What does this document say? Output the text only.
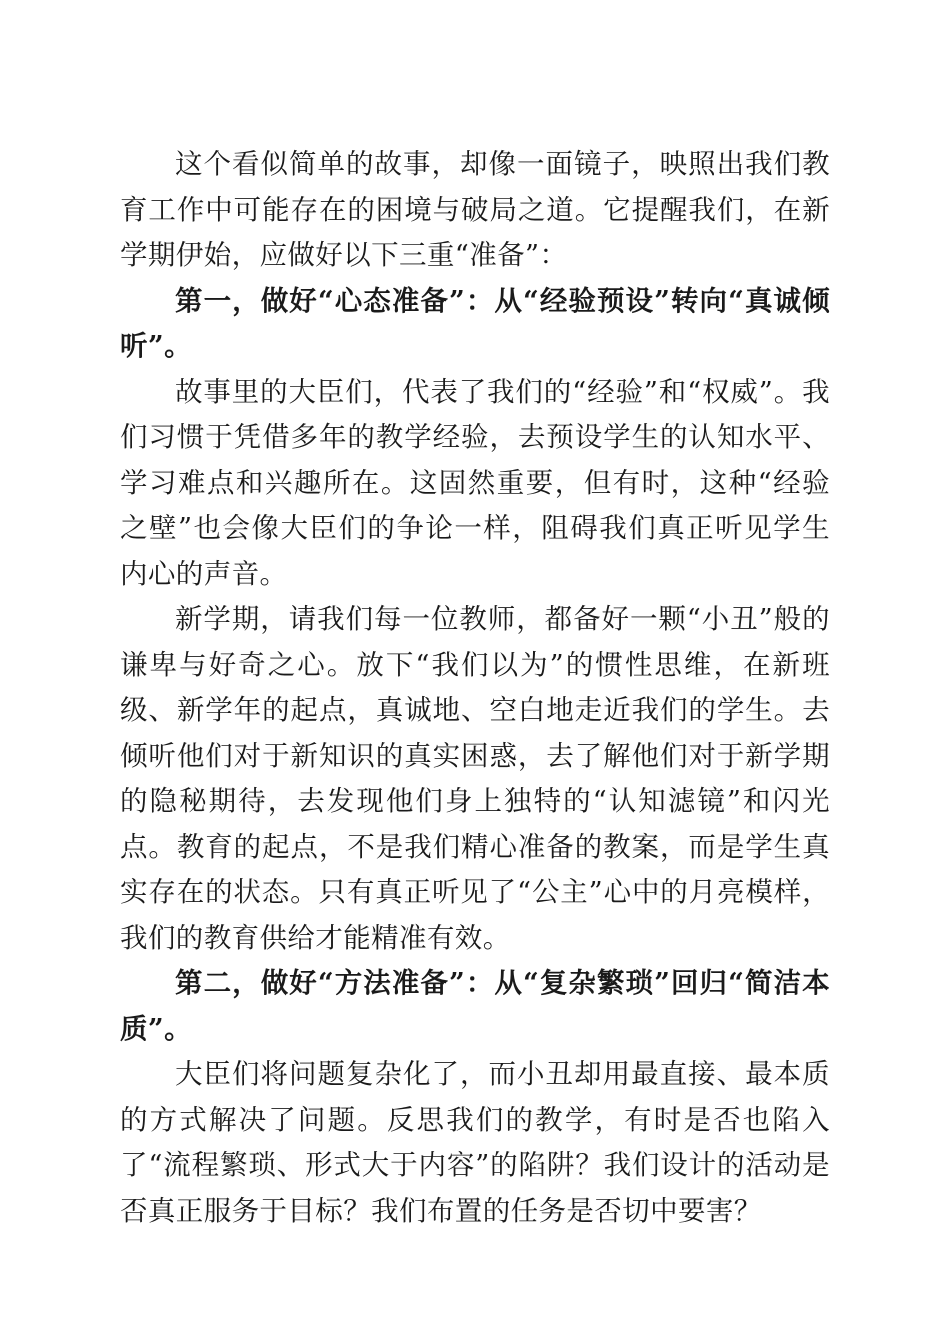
这个看似简单的故事，却像一面镜子，映照出我们教育工作中可能存在的困境与破局之道。它提醒我们，在新学期伊始，应做好以下三重“准备”：

第一，做好“心态准备”：从“经验预设”转向“真诚倾听”。

故事里的大臣们，代表了我们的“经验”和“权威”。我们习惯于凭借多年的教学经验，去预设学生的认知水平、学习难点和兴趣所在。这固然重要，但有时，这种“经验之壁”也会像大臣们的争论一样，阻碍我们真正听见学生内心的声音。

新学期，请我们每一位教师，都备好一颗“小丑”般的谦卑与好奇之心。放下“我们以为”的惯性思维，在新班级、新学年的起点，真诚地、空白地走近我们的学生。去倾听他们对于新知识的真实困惑，去了解他们对于新学期的隐秘期待，去发现他们身上独特的“认知滤镜”和闪光点。教育的起点，不是我们精心准备的教案，而是学生真实存在的状态。只有真正听见了“公主”心中的月亮模样，我们的教育供给才能精准有效。

第二，做好“方法准备”：从“复杂繁琐”回归“简洁本质”。

大臣们将问题复杂化了，而小丑却用最直接、最本质的方式解决了问题。反思我们的教学，有时是否也陷入了“流程繁琐、形式大于内容”的陷阱？我们设计的活动是否真正服务于目标？我们布置的任务是否切中要害？
